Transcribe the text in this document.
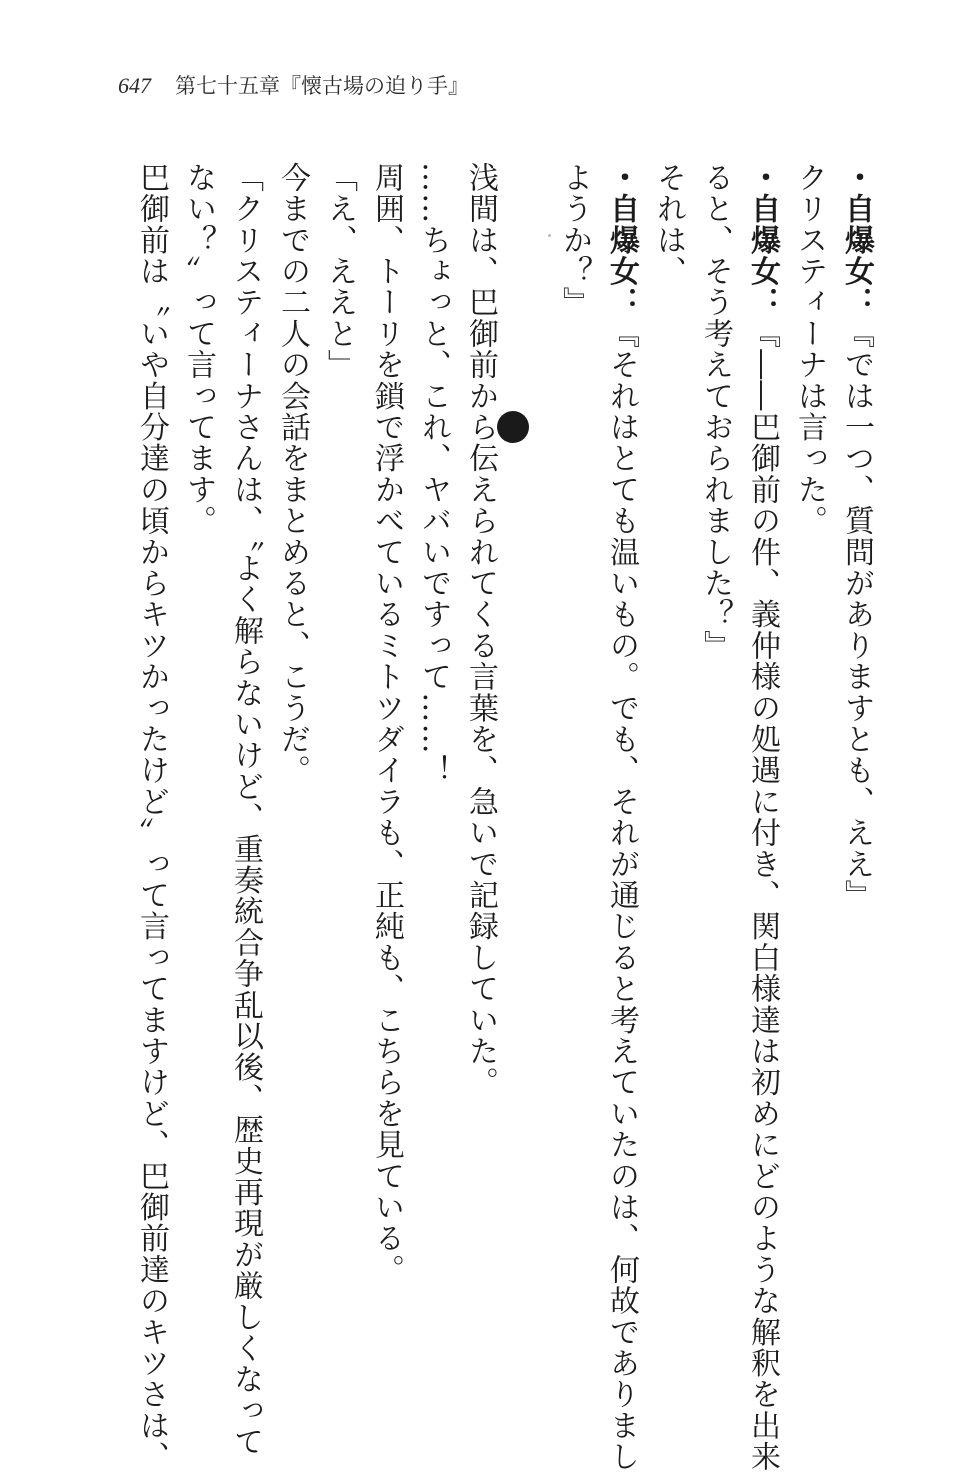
647 第七十五章『懐古場の迫り手』

・自爆女：『では一つ、質問がありますとも、ええ』

クリスティーナは言った。

・自爆女：『――巴御前の件、義仲様の処遇に付き、関白様達は初めにどのような解釈を出来

ると、そう考えておられました？』

それは、

・自爆女：『それはとても温いもの。でも、それが通じると考えていたのは、何故でありまし

ようか？』

浅間は、巴御前から伝えられてくる言葉を、急いで記録していた。

……ちょっと、これ、ヤバいですって……！

周囲、トーリを鎖で浮かべているミトツダイラも、正純も、こちらを見ている。

「え、ええと」

今までの二人の会話をまとめると、こうだ。

「クリスティーナさんは、〝よく解らないけど、重奏統合争乱以後、歴史再現が厳しくなって

ない？〟って言ってます。

巴御前は〝いや自分達の頃からキツかったけど〟って言ってますけど、巴御前達のキツさは、
